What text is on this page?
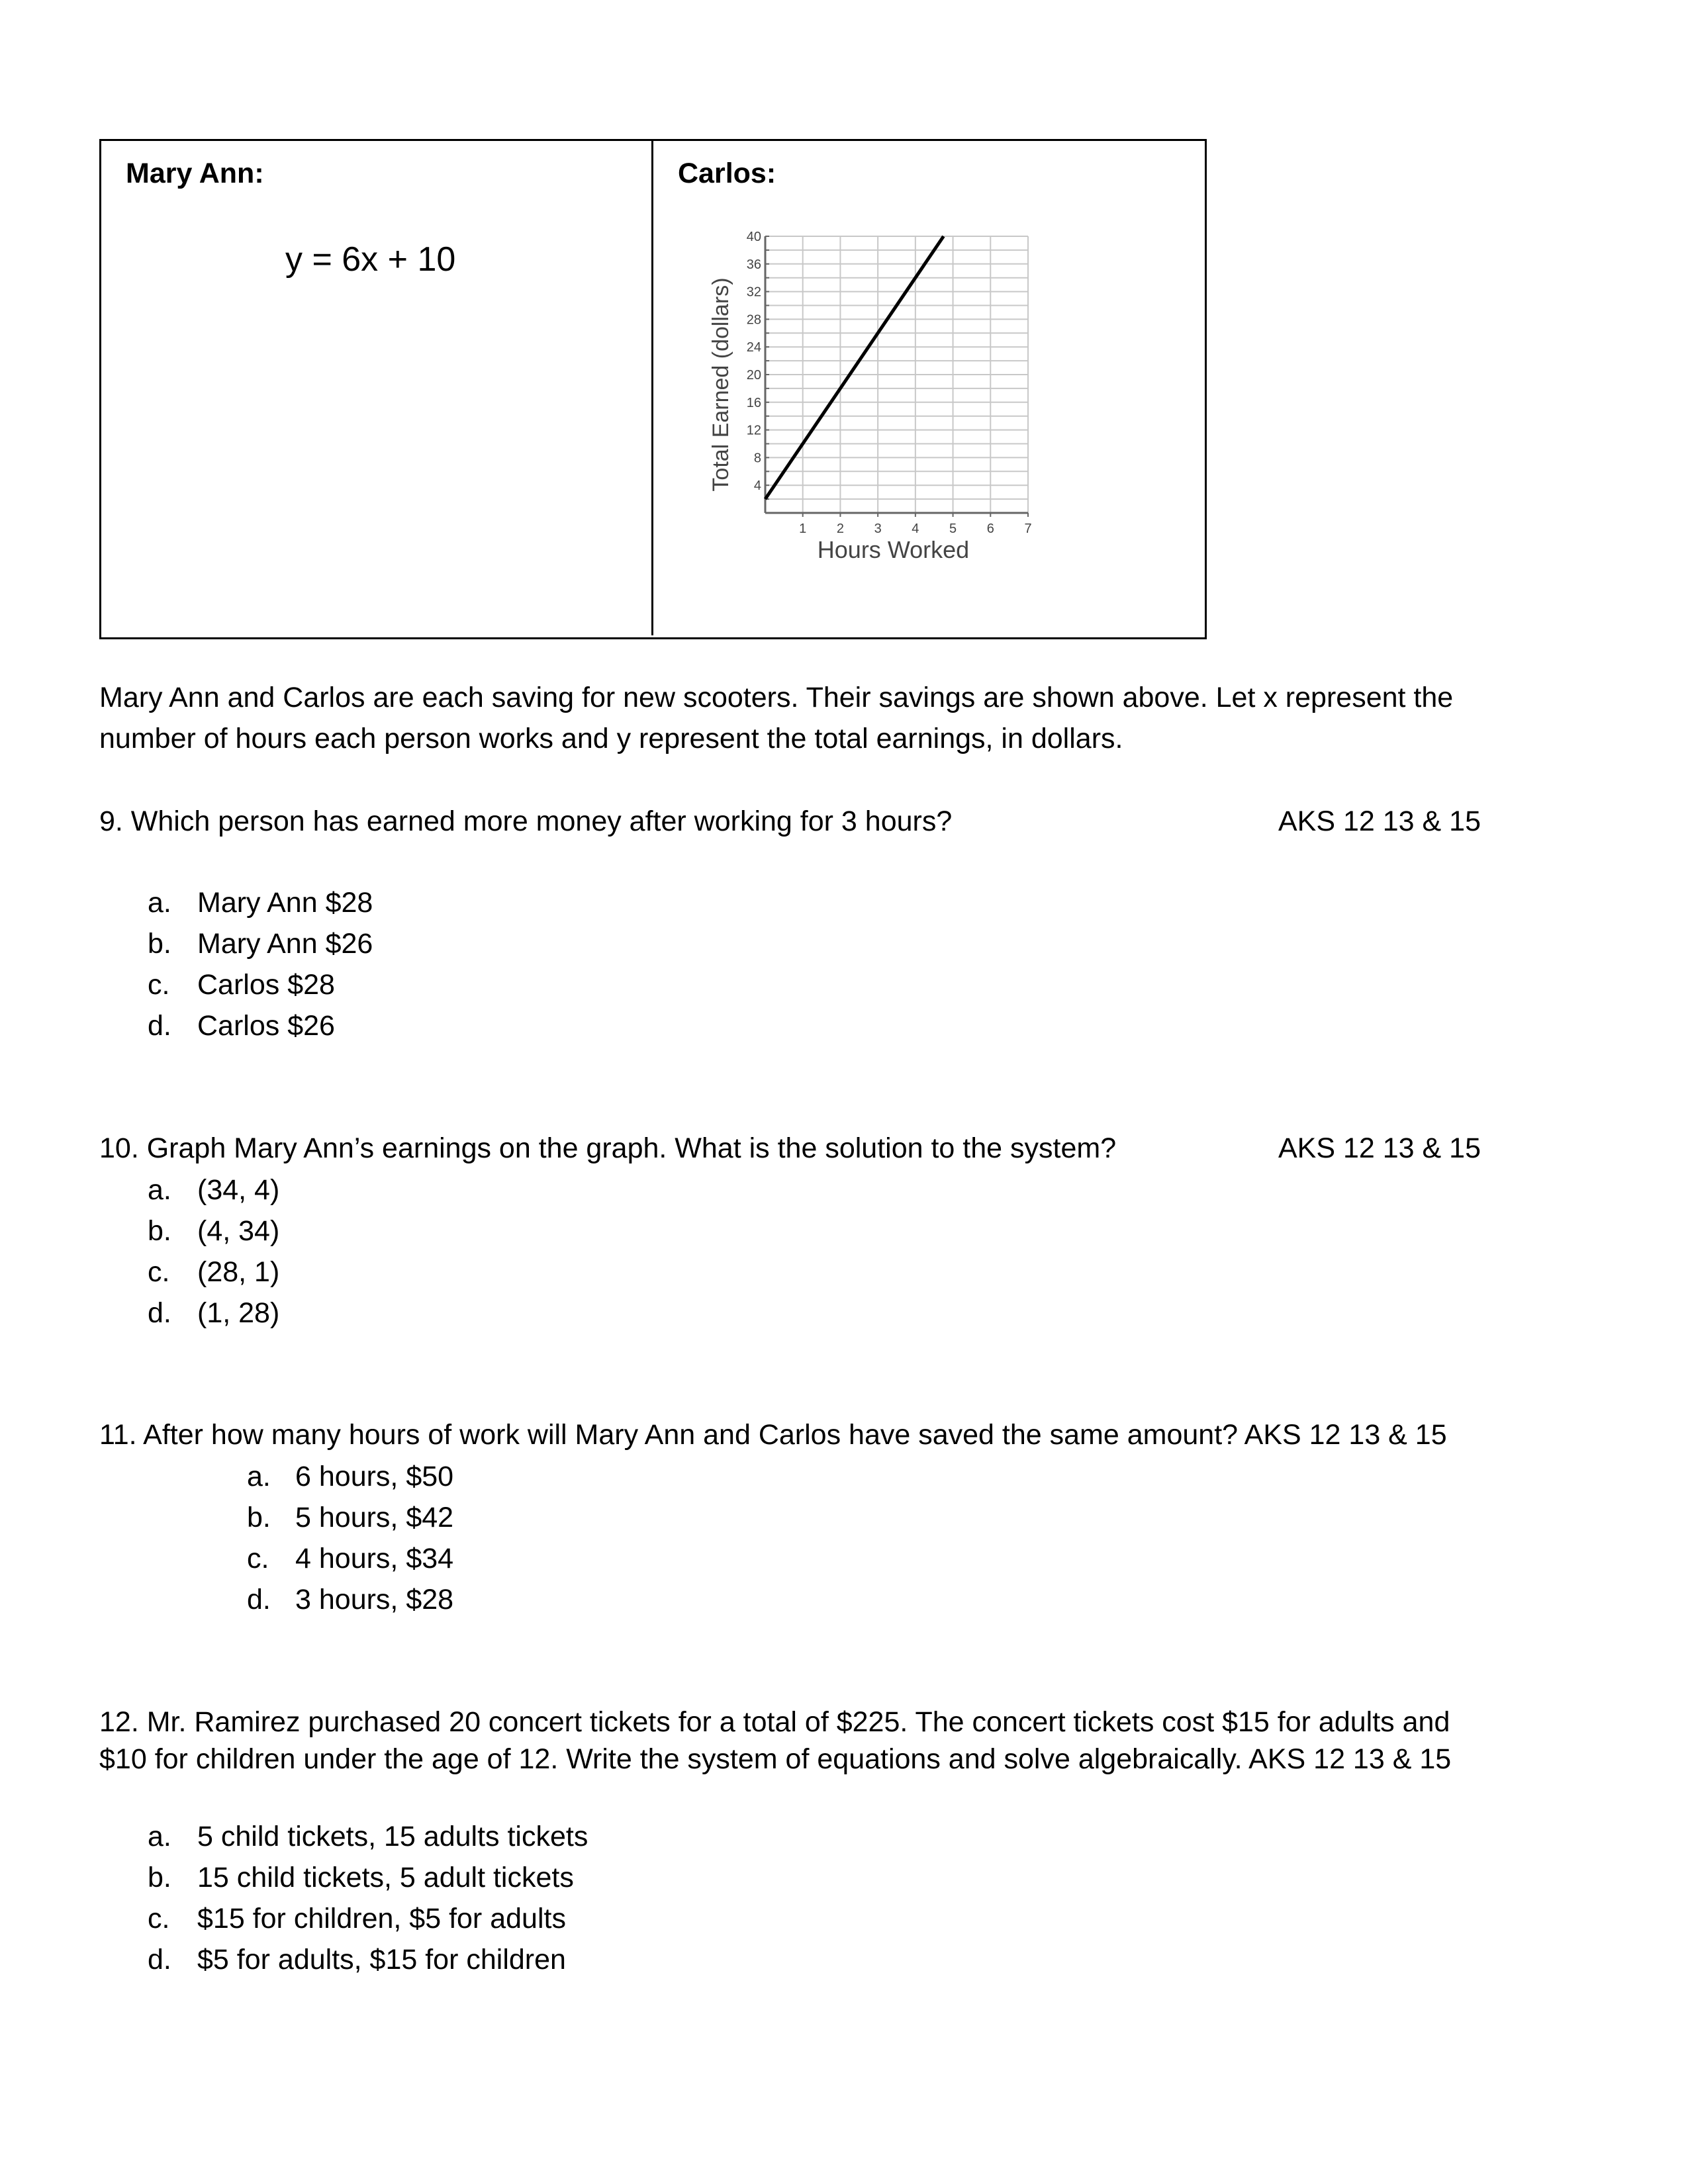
Mary Ann:
y = 6x + 10
Carlos:
4
8
12
16
20
24
28
32
36
40
1 2 3 4 5 6 7
Hours Worked
Total Earned (dollars)
Mary Ann and Carlos are each saving for new scooters. Their savings are shown above. Let x represent the
number of hours each person works and y represent the total earnings, in dollars.
9. Which person has earned more money after working for 3 hours?	AKS 12 13 & 15
a. Mary Ann $28
b. Mary Ann $26
c. Carlos $28
d. Carlos $26
10. Graph Mary Ann’s earnings on the graph. What is the solution to the system?	AKS 12 13 & 15
a. (34, 4)
b. (4, 34)
c. (28, 1)
d. (1, 28)
11. After how many hours of work will Mary Ann and Carlos have saved the same amount? AKS 12 13 & 15
a. 6 hours, $50
b. 5 hours, $42
c. 4 hours, $34
d. 3 hours, $28
12. Mr. Ramirez purchased 20 concert tickets for a total of $225. The concert tickets cost $15 for adults and
$10 for children under the age of 12. Write the system of equations and solve algebraically. AKS 12 13 & 15
a. 5 child tickets, 15 adults tickets
b. 15 child tickets, 5 adult tickets
c. $15 for children, $5 for adults
d. $5 for adults, $15 for children
